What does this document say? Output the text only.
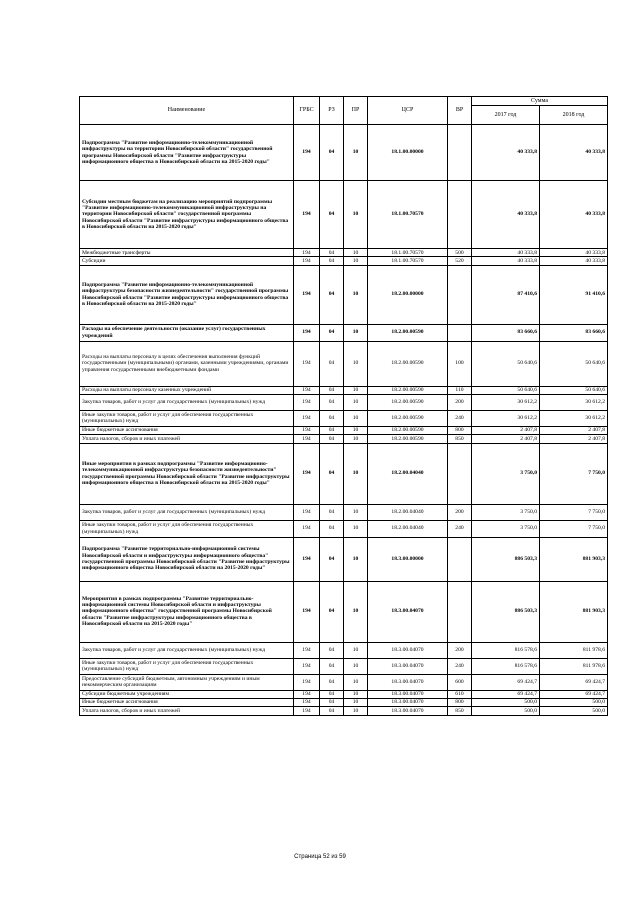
Наименование	ГРБС	РЗ	ПР	ЦСР	ВР	Сумма	
						2017 год	2018 год
Подпрограмма "Развитие информационно-телекоммуникационной инфраструктуры на территории Новосибирской области" государственной программы Новосибирской области "Развитие инфраструктуры информационного общества в Новосибирской области на 2015-2020 годы"	194	04	10	18.1.00.00000		40 333,8	40 333,8
Субсидии местным бюджетам на реализацию мероприятий подпрограммы "Развитие информационно-телекоммуникационной инфраструктуры на территории Новосибирской области" государственной программы Новосибирской области "Развитие инфраструктуры информационного общества в Новосибирской области на 2015-2020 годы"	194	04	10	18.1.00.70570		40 333,8	40 333,8
Межбюджетные трансферты	194	04	10	18.1.00.70570	500	40 333,8	40 333,8
Субсидии	194	04	10	18.1.00.70570	520	40 333,8	40 333,8
Подпрограмма "Развитие информационно-телекоммуникационной инфраструктуры безопасности жизнедеятельности" государственной программы Новосибирской области "Развитие инфраструктуры информационного общества в Новосибирской области на 2015-2020 годы"	194	04	10	18.2.00.00000		87 410,6	91 410,6
Расходы на обеспечение деятельности (оказание услуг) государственных учреждений	194	04	10	18.2.00.00590		83 660,6	83 660,6
Расходы на выплаты персоналу в целях обеспечения выполнения функций государственными (муниципальными) органами, казенными учреждениями, органами управления государственными внебюджетными фондами	194	04	10	18.2.00.00590	100	50 640,6	50 640,6
Расходы на выплаты персоналу казенных учреждений	194	04	10	18.2.00.00590	110	50 640,6	50 640,6
Закупка товаров, работ и услуг для государственных (муниципальных) нужд	194	04	10	18.2.00.00590	200	30 612,2	30 612,2
Иные закупки товаров, работ и услуг для обеспечения государственных (муниципальных) нужд	194	04	10	18.2.00.00590	240	30 612,2	30 612,2
Иные бюджетные ассигнования	194	04	10	18.2.00.00590	800	2 407,8	2 407,8
Уплата налогов, сборов и иных платежей	194	04	10	18.2.00.00590	850	2 407,8	2 407,8
Иные мероприятия в рамках подпрограммы "Развитие информационно-телекоммуникационной инфраструктуры безопасности жизнедеятельности" государственной программы Новосибирской области "Развитие инфраструктуры информационного общества в Новосибирской области на 2015-2020 годы"	194	04	10	18.2.00.04040		3 750,0	7 750,0
Закупка товаров, работ и услуг для государственных (муниципальных) нужд	194	04	10	18.2.00.04040	200	3 750,0	7 750,0
Иные закупки товаров, работ и услуг для обеспечения государственных (муниципальных) нужд	194	04	10	18.2.00.04040	240	3 750,0	7 750,0
Подпрограмма "Развитие территориально-информационной системы Новосибирской области и инфраструктуры информационного общества" государственной программы Новосибирской области "Развитие инфраструктуры информационного общества Новосибирской области на 2015-2020 годы"	194	04	10	18.3.00.00000		886 503,3	881 903,3
Мероприятия в рамках подпрограммы "Развитие территориально-информационной системы Новосибирской области и инфраструктуры информационного общества" государственной программы Новосибирской области "Развитие инфраструктуры информационного общества в Новосибирской области на 2015-2020 годы"	194	04	10	18.3.00.04070		886 503,3	881 903,3
Закупка товаров, работ и услуг для государственных (муниципальных) нужд	194	04	10	18.3.00.04070	200	816 578,6	811 978,6
Иные закупки товаров, работ и услуг для обеспечения государственных (муниципальных) нужд	194	04	10	18.3.00.04070	240	816 578,6	811 978,6
Предоставление субсидий бюджетным, автономным учреждениям и иным некоммерческим организациям	194	04	10	18.3.00.04070	600	69 424,7	69 424,7
Субсидии бюджетным учреждениям	194	04	10	18.3.00.04070	610	69 424,7	69 424,7
Иные бюджетные ассигнования	194	04	10	18.3.00.04070	800	500,0	500,0
Уплата налогов, сборов и иных платежей	194	04	10	18.3.00.04070	850	500,0	500,0
Страница 52 из 59
